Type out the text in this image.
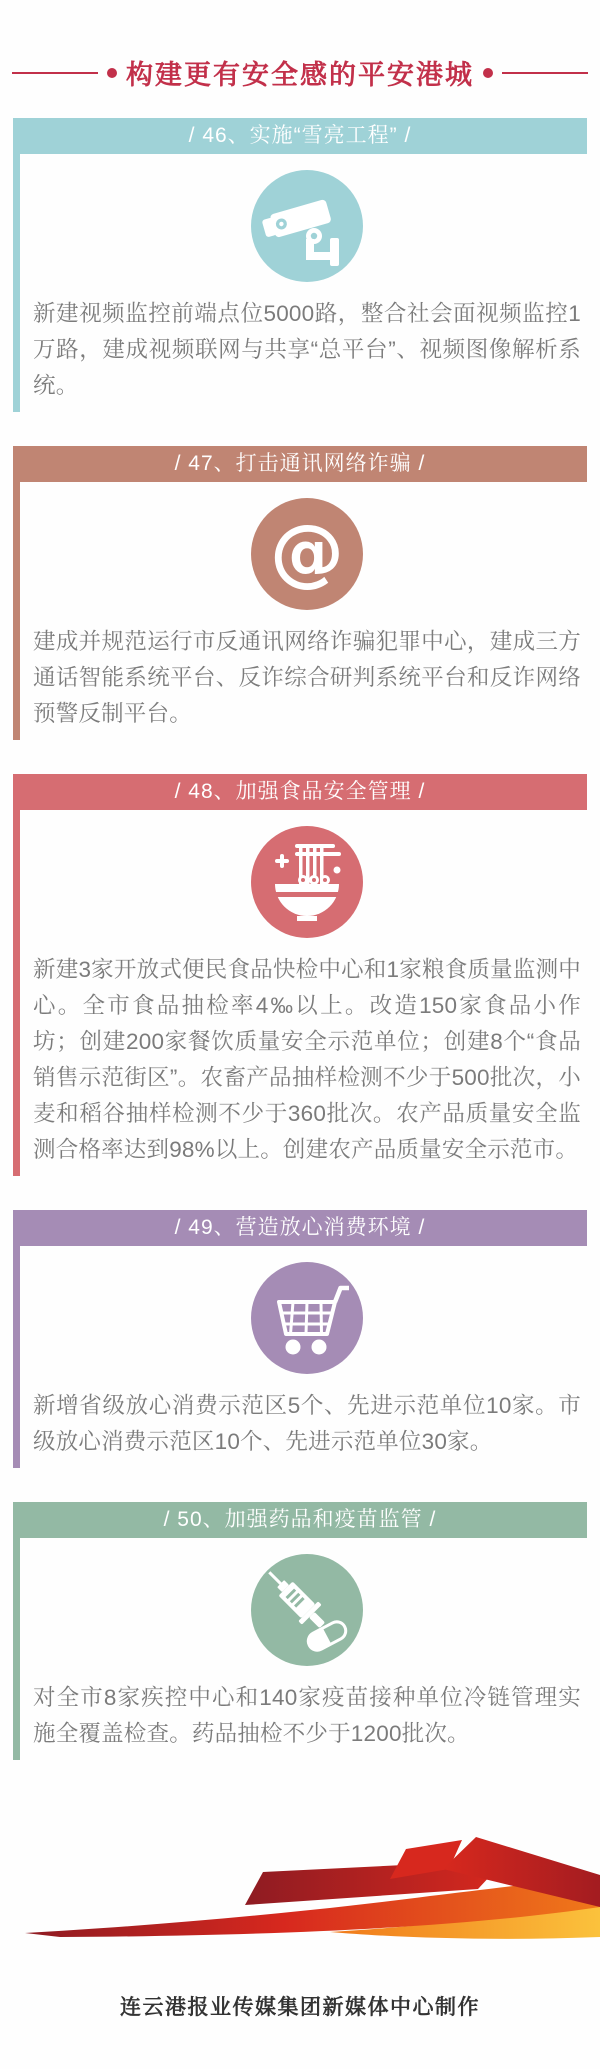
构建更有安全感的平安港城
/ 46、实施“雪亮工程” /

新建视频监控前端点位5000路，整合社会面视频监控1万路，建成视频联网与共享“总平台”、视频图像解析系统。

/ 47、打击通讯网络诈骗 /
@

建成并规范运行市反通讯网络诈骗犯罪中心，建成三方通话智能系统平台、反诈综合研判系统平台和反诈网络预警反制平台。

/ 48、加强食品安全管理 /

新建3家开放式便民食品快检中心和1家粮食质量监测中心。全市食品抽检率4‰以上。改造150家食品小作坊；创建200家餐饮质量安全示范单位；创建8个“食品销售示范街区”。农畜产品抽样检测不少于500批次，小麦和稻谷抽样检测不少于360批次。农产品质量安全监测合格率达到98%以上。创建农产品质量安全示范市。

/ 49、营造放心消费环境 /

新增省级放心消费示范区5个、先进示范单位10家。市级放心消费示范区10个、先进示范单位30家。

/ 50、加强药品和疫苗监管 /

对全市8家疾控中心和140家疫苗接种单位冷链管理实施全覆盖检查。药品抽检不少于1200批次。

连云港报业传媒集团新媒体中心制作
